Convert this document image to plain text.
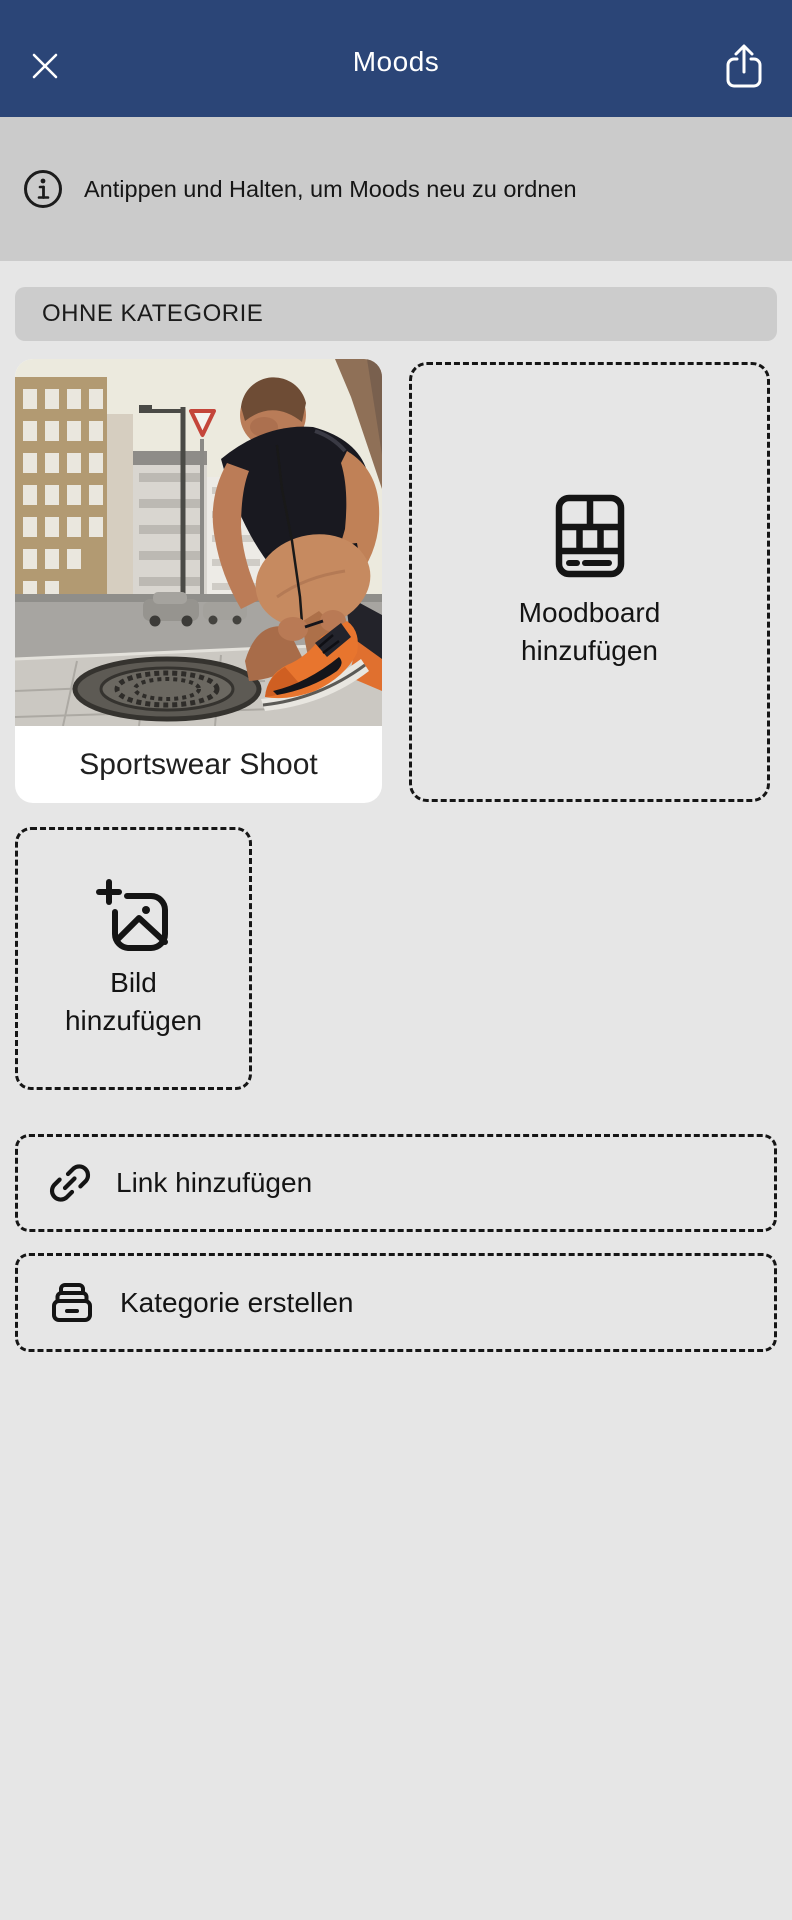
Moods
Antippen und Halten, um Moods neu zu ordnen
OHNE KATEGORIE
Sportswear Shoot
Moodboard hinzufügen
Bild hinzufügen
Link hinzufügen
Kategorie erstellen
